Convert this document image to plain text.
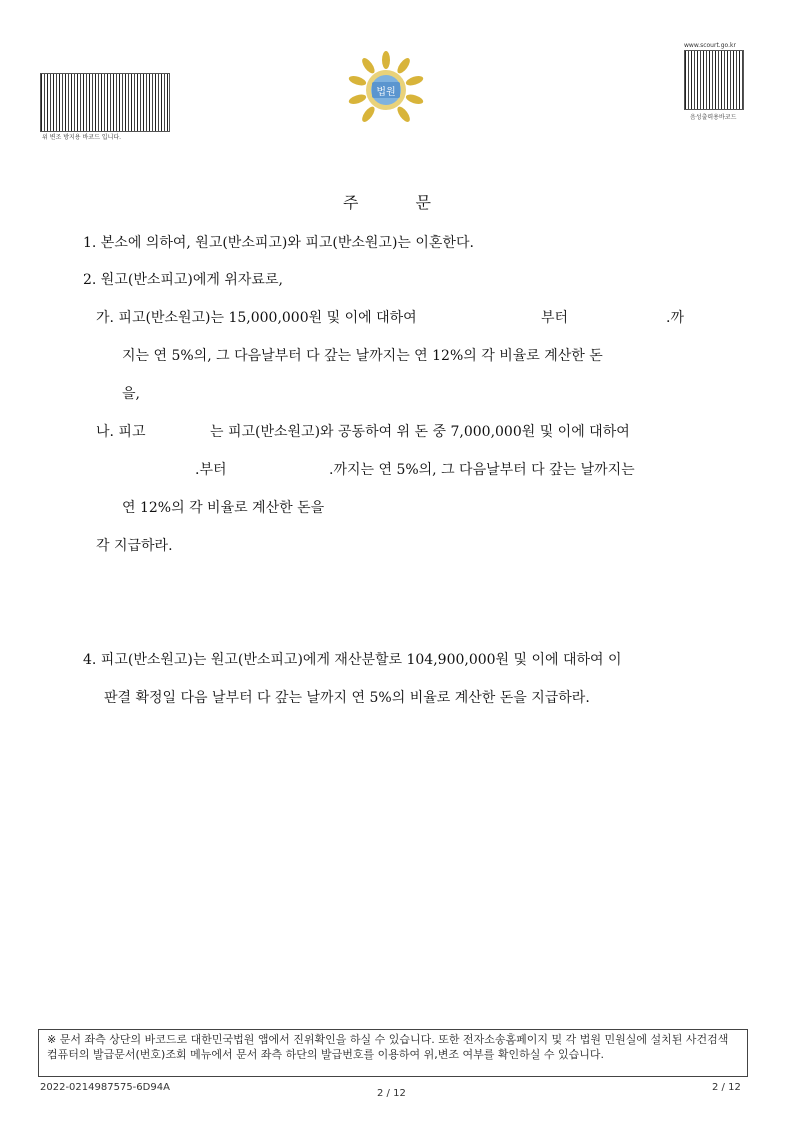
위 변조 방지용 바코드 입니다.
법원
www.scourt.go.kr
음성출력용바코드
주 문
1. 본소에 의하여, 원고(반소피고)와 피고(반소원고)는 이혼한다.
2. 원고(반소피고)에게 위자료로,
가. 피고(반소원고)는 15,000,000원 및 이에 대하여	부터	.까
지는 연 5%의, 그 다음날부터 다 갚는 날까지는 연 12%의 각 비율로 계산한 돈
을,
나. 피고	는 피고(반소원고)와 공동하여 위 돈 중 7,000,000원 및 이에 대하여
.부터	.까지는 연 5%의, 그 다음날부터 다 갚는 날까지는
연 12%의 각 비율로 계산한 돈을
각 지급하라.
4. 피고(반소원고)는 원고(반소피고)에게 재산분할로 104,900,000원 및 이에 대하여 이
판결 확정일 다음 날부터 다 갚는 날까지 연 5%의 비율로 계산한 돈을 지급하라.
※ 문서 좌측 상단의 바코드로 대한민국법원 앱에서 진위확인을 하실 수 있습니다. 또한 전자소송홈페이지 및 각 법원 민원실에 설치된 사건검색 컴퓨터의 발급문서(번호)조회 메뉴에서 문서 좌측 하단의 발급번호를 이용하여 위,변조 여부를 확인하실 수 있습니다.
2022-0214987575-6D94A
2 / 12
2 / 12
